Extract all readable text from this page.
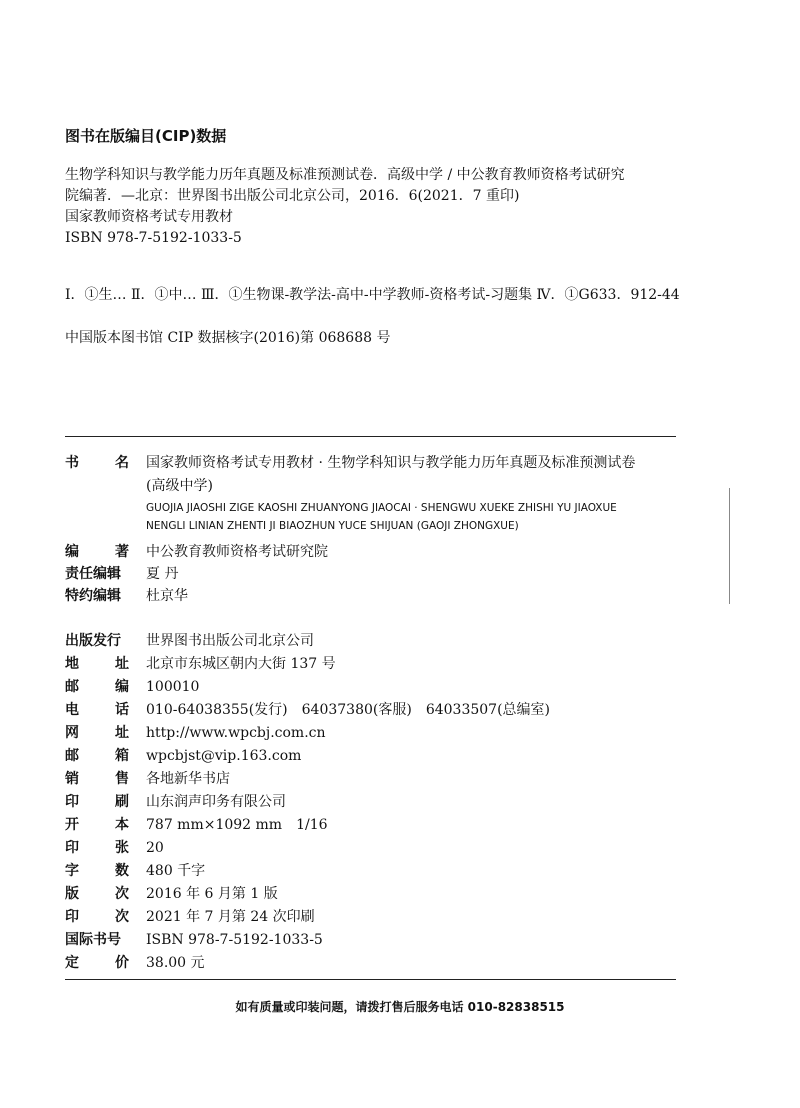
图书在版编目(CIP)数据
生物学科知识与教学能力历年真题及标准预测试卷．高级中学 / 中公教育教师资格考试研究
院编著．—北京：世界图书出版公司北京公司，2016．6(2021．7 重印)
国家教师资格考试专用教材
ISBN 978-7-5192-1033-5
Ⅰ．①生… Ⅱ．①中… Ⅲ．①生物课-教学法-高中-中学教师-资格考试-习题集 Ⅳ．①G633．912-44
中国版本图书馆 CIP 数据核字(2016)第 068688 号
书	名 国家教师资格考试专用教材 · 生物学科知识与教学能力历年真题及标准预测试卷
(高级中学)
GUOJIA JIAOSHI ZIGE KAOSHI ZHUANYONG JIAOCAI · SHENGWU XUEKE ZHISHI YU JIAOXUE
NENGLI LINIAN ZHENTI JI BIAOZHUN YUCE SHIJUAN (GAOJI ZHONGXUE)
编	著 中公教育教师资格考试研究院
责任编辑	夏 丹
特约编辑	杜京华
出版发行	世界图书出版公司北京公司
地	址 北京市东城区朝内大街 137 号
邮	编 100010
电	话 010-64038355(发行)　64037380(客服)　64033507(总编室)
网	址 http://www.wpcbj.com.cn
邮	箱 wpcbjst@vip.163.com
销	售 各地新华书店
印	刷 山东润声印务有限公司
开	本 787 mm×1092 mm　1/16
印	张 20
字	数 480 千字
版	次 2016 年 6 月第 1 版
印	次 2021 年 7 月第 24 次印刷
国际书号	ISBN 978-7-5192-1033-5
定	价 38.00 元
如有质量或印装问题，请拨打售后服务电话 010-82838515
